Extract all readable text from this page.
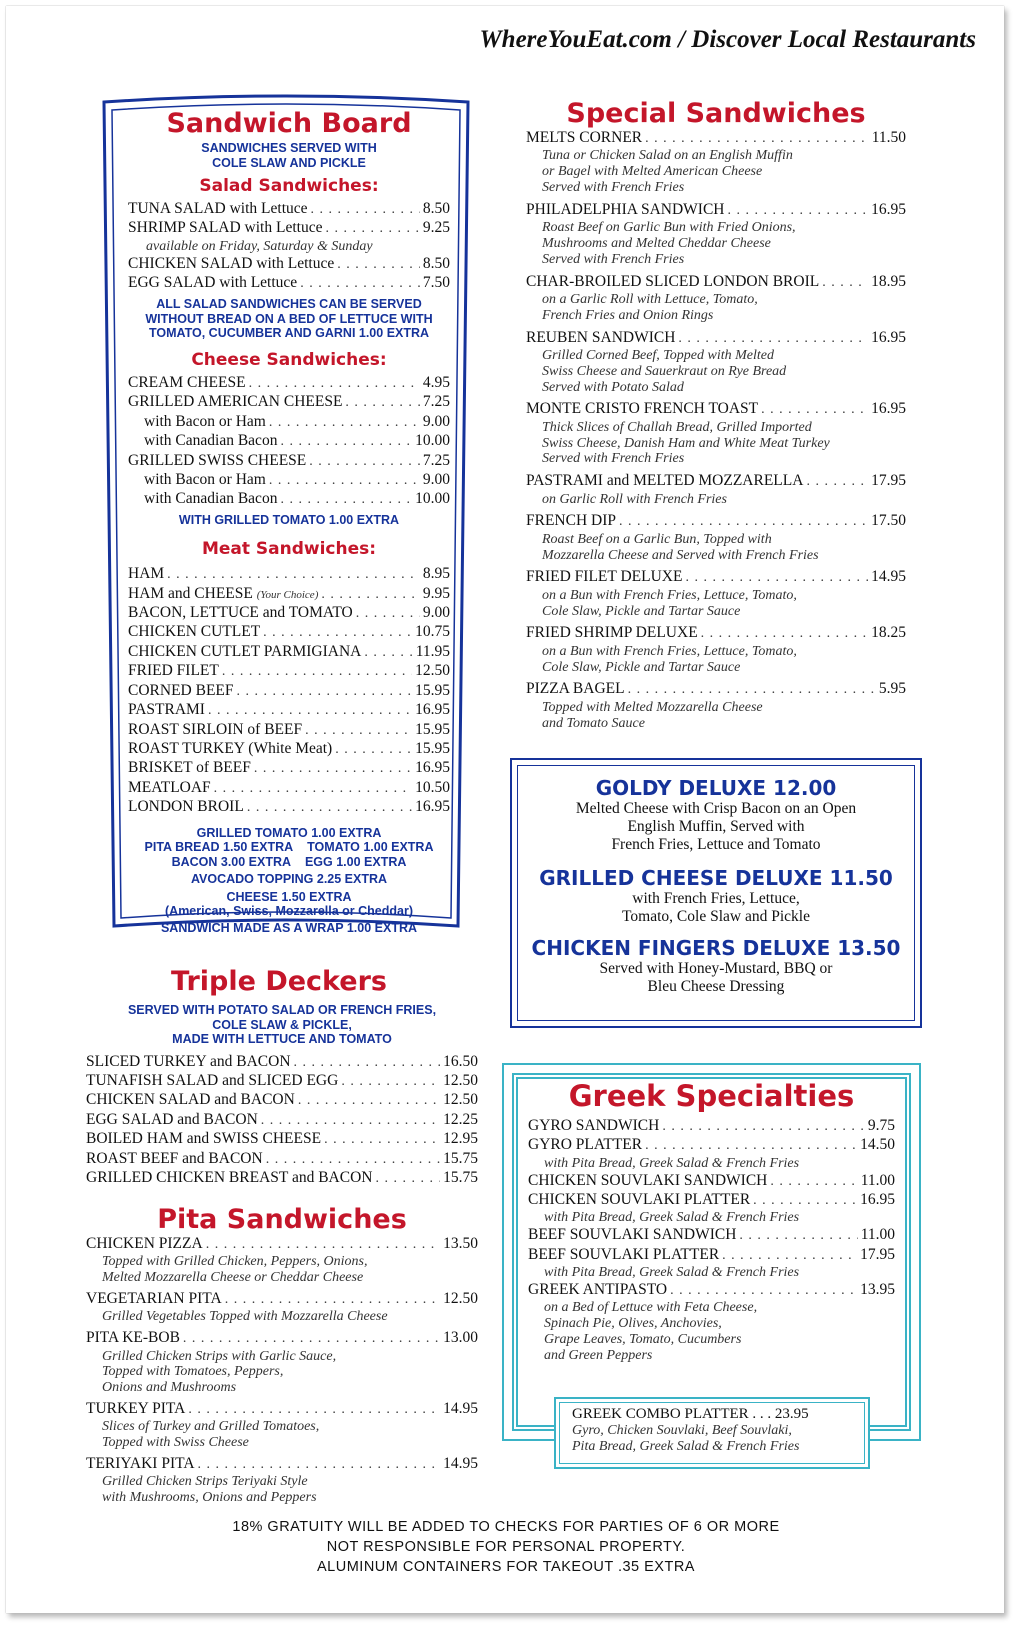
WhereYouEat.com / Discover Local Restaurants
Sandwich Board

SANDWICHES SERVED WITH COLE SLAW AND PICKLE

Salad Sandwiches:
TUNA SALAD with Lettuce . . .	8.50
SHRIMP SALAD with Lettuce . . .	9.25
available on Friday, Saturday & Sunday
CHICKEN SALAD with Lettuce . . .	8.50
EGG SALAD with Lettuce . . .	7.50

ALL SALAD SANDWICHES CAN BE SERVED WITHOUT BREAD ON A BED OF LETTUCE WITH TOMATO, CUCUMBER AND GARNI 1.00 EXTRA

Cheese Sandwiches:
CREAM CHEESE . . .	4.95
GRILLED AMERICAN CHEESE . . .	7.25
with Bacon or Ham . . .	9.00
with Canadian Bacon . . .	10.00
GRILLED SWISS CHEESE . . .	7.25
with Bacon or Ham . . .	9.00
with Canadian Bacon . . .	10.00

WITH GRILLED TOMATO 1.00 EXTRA

Meat Sandwiches:
HAM . . .	8.95
HAM and CHEESE
(Your Choice) . . .	9.95
BACON, LETTUCE and TOMATO . . .	9.00
CHICKEN CUTLET . . .	10.75
CHICKEN CUTLET PARMIGIANA . . .	11.95
FRIED FILET . . .	12.50
CORNED BEEF . . .	15.95
PASTRAMI . . .	16.95
ROAST SIRLOIN of BEEF . . .	15.95
ROAST TURKEY (White Meat) . . .	15.95
BRISKET of BEEF . . .	16.95
MEATLOAF . . .	10.50
LONDON BROIL . . .	16.95

GRILLED TOMATO 1.00 EXTRA

PITA BREAD 1.50 EXTRA TOMATO 1.00 EXTRA

BACON 3.00 EXTRA EGG 1.00 EXTRA

AVOCADO TOPPING 2.25 EXTRA

CHEESE 1.50 EXTRA

(American, Swiss, Mozzarella or Cheddar)

SANDWICH MADE AS A WRAP 1.00 EXTRA

Special Sandwiches
MELTS CORNER . . .	11.50
Tuna or Chicken Salad on an English Muffin
or Bagel with Melted American Cheese
Served with French Fries
PHILADELPHIA SANDWICH . . .	16.95
Roast Beef on Garlic Bun with Fried Onions,
Mushrooms and Melted Cheddar Cheese
Served with French Fries
CHAR-BROILED SLICED LONDON BROIL . . .	18.95
on a Garlic Roll with Lettuce, Tomato,
French Fries and Onion Rings
REUBEN SANDWICH . . .	16.95
Grilled Corned Beef, Topped with Melted
Swiss Cheese and Sauerkraut on Rye Bread
Served with Potato Salad
MONTE CRISTO FRENCH TOAST . . .	16.95
Thick Slices of Challah Bread, Grilled Imported
Swiss Cheese, Danish Ham and White Meat Turkey
Served with French Fries
PASTRAMI and MELTED MOZZARELLA . . .	17.95
on Garlic Roll with French Fries
FRENCH DIP . . .	17.50
Roast Beef on a Garlic Bun, Topped with
Mozzarella Cheese and Served with French Fries
FRIED FILET DELUXE . . .	14.95
on a Bun with French Fries, Lettuce, Tomato,
Cole Slaw, Pickle and Tartar Sauce
FRIED SHRIMP DELUXE . . .	18.25
on a Bun with French Fries, Lettuce, Tomato,
Cole Slaw, Pickle and Tartar Sauce
PIZZA BAGEL . . .	5.95
Topped with Melted Mozzarella Cheese
and Tomato Sauce
GOLDY DELUXE 12.00
Melted Cheese with Crisp Bacon on an Open
English Muffin, Served with
French Fries, Lettuce and Tomato
GRILLED CHEESE DELUXE 11.50
with French Fries, Lettuce,
Tomato, Cole Slaw and Pickle
CHICKEN FINGERS DELUXE 13.50
Served with Honey-Mustard, BBQ or
Bleu Cheese Dressing
Triple Deckers

SERVED WITH POTATO SALAD OR FRENCH FRIES,

COLE SLAW & PICKLE,

MADE WITH LETTUCE AND TOMATO

SLICED TURKEY and BACON . . .	16.50
TUNAFISH SALAD and SLICED EGG . . .	12.50
CHICKEN SALAD and BACON . . .	12.50
EGG SALAD and BACON . . .	12.25
BOILED HAM and SWISS CHEESE . . .	12.95
ROAST BEEF and BACON . . .	15.75
GRILLED CHICKEN BREAST and BACON . . .	15.75
Pita Sandwiches
CHICKEN PIZZA . . .	13.50
Topped with Grilled Chicken, Peppers, Onions,
Melted Mozzarella Cheese or Cheddar Cheese
VEGETARIAN PITA . . .	12.50
Grilled Vegetables Topped with Mozzarella Cheese
PITA KE-BOB . . .	13.00
Grilled Chicken Strips with Garlic Sauce,
Topped with Tomatoes, Peppers,
Onions and Mushrooms
TURKEY PITA . . .	14.95
Slices of Turkey and Grilled Tomatoes,
Topped with Swiss Cheese
TERIYAKI PITA . . .	14.95
Grilled Chicken Strips Teriyaki Style
with Mushrooms, Onions and Peppers
Greek Specialties
GYRO SANDWICH . . .	9.75
GYRO PLATTER . . .	14.50
with Pita Bread, Greek Salad & French Fries
CHICKEN SOUVLAKI SANDWICH . . .	11.00
CHICKEN SOUVLAKI PLATTER . . .	16.95
with Pita Bread, Greek Salad & French Fries
BEEF SOUVLAKI SANDWICH . . .	11.00
BEEF SOUVLAKI PLATTER . . .	17.95
with Pita Bread, Greek Salad & French Fries
GREEK ANTIPASTO . . .	13.95
on a Bed of Lettuce with Feta Cheese,
Spinach Pie, Olives, Anchovies,
Grape Leaves, Tomato, Cucumbers
and Green Peppers
GREEK COMBO PLATTER . . . 23.95
Gyro, Chicken Souvlaki, Beef Souvlaki,
Pita Bread, Greek Salad & French Fries
18% GRATUITY WILL BE ADDED TO CHECKS FOR PARTIES OF 6 OR MORE
NOT RESPONSIBLE FOR PERSONAL PROPERTY.
ALUMINUM CONTAINERS FOR TAKEOUT .35 EXTRA
